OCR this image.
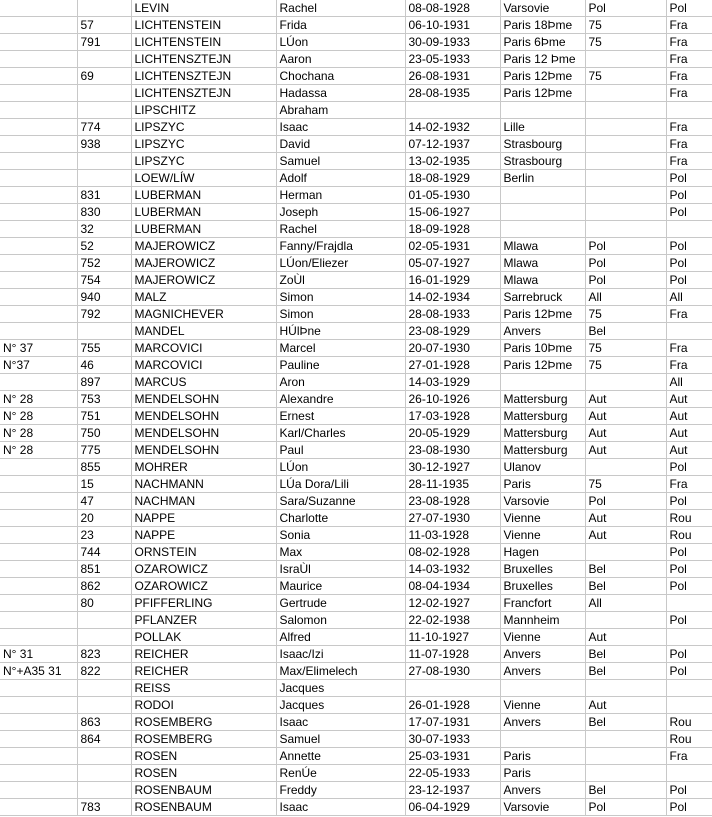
		LEVIN	Rachel	08-08-1928	Varsovie	Pol	Pol
	57	LICHTENSTEIN	Frida	06-10-1931	Paris 18Þme	75	Fra
	791	LICHTENSTEIN	LÚon	30-09-1933	Paris 6Þme	75	Fra
		LICHTENSZTEJN	Aaron	23-05-1933	Paris 12 Þme		Fra
	69	LICHTENSZTEJN	Chochana	26-08-1931	Paris 12Þme	75	Fra
		LICHTENSZTEJN	Hadassa	28-08-1935	Paris 12Þme		Fra
		LIPSCHITZ	Abraham				
	774	LIPSZYC	Isaac	14-02-1932	Lille		Fra
	938	LIPSZYC	David	07-12-1937	Strasbourg		Fra
		LIPSZYC	Samuel	13-02-1935	Strasbourg		Fra
		LOEW/LÍW	Adolf	18-08-1929	Berlin		Pol
	831	LUBERMAN	Herman	01-05-1930			Pol
	830	LUBERMAN	Joseph	15-06-1927			Pol
	32	LUBERMAN	Rachel	18-09-1928			
	52	MAJEROWICZ	Fanny/Frajdla	02-05-1931	Mlawa	Pol	Pol
	752	MAJEROWICZ	LÚon/Eliezer	05-07-1927	Mlawa	Pol	Pol
	754	MAJEROWICZ	ZoÙl	16-01-1929	Mlawa	Pol	Pol
	940	MALZ	Simon	14-02-1934	Sarrebruck	All	All
	792	MAGNICHEVER	Simon	28-08-1933	Paris 12Þme	75	Fra
		MANDEL	HÚlÞne	23-08-1929	Anvers	Bel	
N° 37	755	MARCOVICI	Marcel	20-07-1930	Paris 10Þme	75	Fra
N°37	46	MARCOVICI	Pauline	27-01-1928	Paris 12Þme	75	Fra
	897	MARCUS	Aron	14-03-1929			All
N° 28	753	MENDELSOHN	Alexandre	26-10-1926	Mattersburg	Aut	Aut
N° 28	751	MENDELSOHN	Ernest	17-03-1928	Mattersburg	Aut	Aut
N° 28	750	MENDELSOHN	Karl/Charles	20-05-1929	Mattersburg	Aut	Aut
N° 28	775	MENDELSOHN	Paul	23-08-1930	Mattersburg	Aut	Aut
	855	MOHRER	LÚon	30-12-1927	Ulanov		Pol
	15	NACHMANN	LÚa Dora/Lili	28-11-1935	Paris	75	Fra
	47	NACHMAN	Sara/Suzanne	23-08-1928	Varsovie	Pol	Pol
	20	NAPPE	Charlotte	27-07-1930	Vienne	Aut	Rou
	23	NAPPE	Sonia	11-03-1928	Vienne	Aut	Rou
	744	ORNSTEIN	Max	08-02-1928	Hagen		Pol
	851	OZAROWICZ	IsraÙl	14-03-1932	Bruxelles	Bel	Pol
	862	OZAROWICZ	Maurice	08-04-1934	Bruxelles	Bel	Pol
	80	PFIFFERLING	Gertrude	12-02-1927	Francfort	All	
		PFLANZER	Salomon	22-02-1938	Mannheim		Pol
		POLLAK	Alfred	11-10-1927	Vienne	Aut	
N° 31	823	REICHER	Isaac/Izi	11-07-1928	Anvers	Bel	Pol
N°+A35 31	822	REICHER	Max/Elimelech	27-08-1930	Anvers	Bel	Pol
		REISS	Jacques				
		RODOI	Jacques	26-01-1928	Vienne	Aut	
	863	ROSEMBERG	Isaac	17-07-1931	Anvers	Bel	Rou
	864	ROSEMBERG	Samuel	30-07-1933			Rou
		ROSEN	Annette	25-03-1931	Paris		Fra
		ROSEN	RenÚe	22-05-1933	Paris		
		ROSENBAUM	Freddy	23-12-1937	Anvers	Bel	Pol
	783	ROSENBAUM	Isaac	06-04-1929	Varsovie	Pol	Pol
